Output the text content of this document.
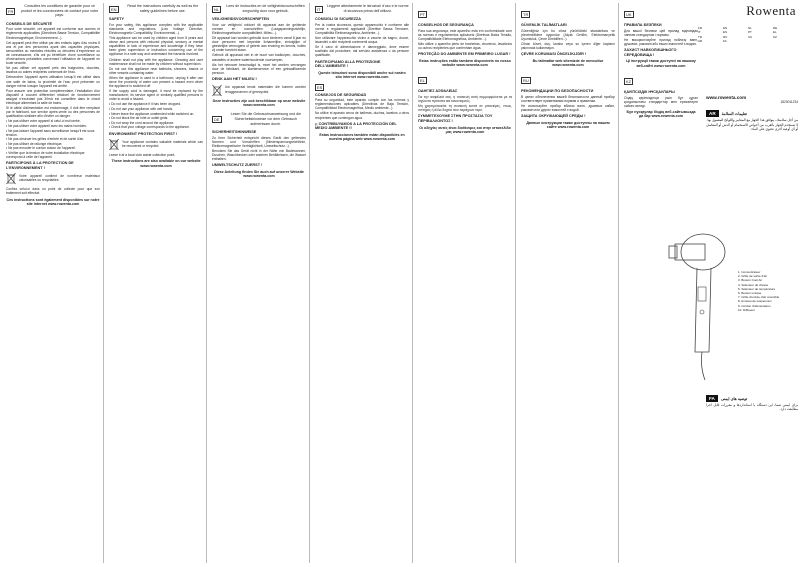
FR
Consultez les conditions de garantie pour ce produit et les coordonnées de contact pour votre pays.
CONSEILS DE SÉCURITÉ
Pour votre sécurité, cet appareil est conforme aux normes et règlements applicables (Directives Basse Tension, Compatibilité Electromagnétique, Environnement...).
Cet appareil peut être utilisé par des enfants âgés d'au moins 8 ans et par des personnes ayant des capacités physiques, sensorielles ou mentales réduites ou dénuées d'expérience ou de connaissance, s'ils ont pu bénéficier d'une surveillance ou d'instructions préalables concernant l'utilisation de l'appareil en toute sécurité.
Ne pas utiliser cet appareil près des baignoires, douches, lavabos ou autres récipients contenant de l'eau.
Débrancher l'appareil après utilisation lorsqu'il est utilisé dans une salle de bains, la proximité de l'eau peut présenter un danger même lorsque l'appareil est arrêté.
Pour assurer une protection complémentaire, l'installation d'un dispositif à courant différentiel résiduel de fonctionnement assigné n'excédant pas 30mA est conseillée dans le circuit électrique alimentant la salle de bains.
Si le câble d'alimentation est endommagé, il doit être remplacé par le fabricant, son service après-vente ou des personnes de qualification similaire afin d'éviter un danger.
• Ne pas utiliser votre appareil si celui-ci est tombé.
• Ne pas utiliser votre appareil avec les mains humides.
• Ne pas laisser l'appareil sans surveillance lorsqu'il est sous tension.
• Ne pas obstruer les grilles d'entrée et de sortie d'air.
• Ne pas utiliser de rallonge électrique.
• Ne pas enrouler le cordon autour de l'appareil.
• Vérifier que la tension de votre installation électrique correspond à celle de l'appareil.
PARTICIPONS À LA PROTECTION DE L'ENVIRONNEMENT !
Votre appareil contient de nombreux matériaux valorisables ou recyclables.
Confiez celui-ci dans un point de collecte pour que son traitement soit effectué.
Ces instructions sont également disponibles sur notre site internet www.rowenta.com
EN
Read the instructions carefully as well as the safety guidelines before use.
SAFETY
For your safety, this appliance complies with the applicable standards and regulations (Low Voltage Directive, Electromagnetic Compatibility, Environmental...).
This appliance can be used by children aged from 8 years and above and persons with reduced physical, sensory or mental capabilities or lack of experience and knowledge if they have been given supervision or instruction concerning use of the appliance in a safe way and understand the hazards involved.
Children shall not play with the appliance. Cleaning and user maintenance shall not be made by children without supervision.
Do not use this appliance near bathtubs, showers, basins or other vessels containing water.
When the appliance is used in a bathroom, unplug it after use since the proximity of water can present a hazard even when the appliance is switched off.
If the supply cord is damaged, it must be replaced by the manufacturer, its service agent or similarly qualified persons in order to avoid a hazard.
• Do not use the appliance if it has been dropped.
• Do not use your appliance with wet hands.
• Never leave the appliance unattended while switched on.
• Do not block the air inlet or outlet grids.
• Do not wrap the cord around the appliance.
• Check that your voltage corresponds to the appliance.
ENVIRONMENT PROTECTION FIRST !
Your appliance contains valuable materials which can be recovered or recycled.
Leave it at a local civic waste collection point.
These instructions are also available on our website www.rowenta.com
NL
Lees de instructies en de veiligheidsvoorschriften zorgvuldig door voor gebruik.
VEILIGHEIDSVOORSCHRIFTEN
Voor uw veiligheid voldoet dit apparaat aan de geldende normen en voorschriften (Laagspanningsrichtlijn, Elektromagnetische compatibiliteit, Milieu...).
Dit apparaat kan worden gebruikt door kinderen vanaf 8 jaar en door personen met beperkte lichamelijke, zintuiglijke of geestelijke vermogens of gebrek aan ervaring en kennis, indien zij onder toezicht staan.
Gebruik dit apparaat niet in de buurt van badkuipen, douches, wastafels of andere waterhoudende voorwerpen.
Als het netsnoer beschadigd is, moet het worden vervangen door de fabrikant, de klantenservice of een gekwalificeerde persoon.
DENK AAN HET MILIEU !
Uw apparaat bevat materialen die kunnen worden teruggewonnen of gerecycled.
Deze instructies zijn ook beschikbaar op onze website www.rowenta.com
DE
Lesen Sie die Gebrauchsanweisung und die Sicherheitshinweise vor dem Gebrauch aufmerksam durch.
SICHERHEITSHINWEISE
Zu Ihrer Sicherheit entspricht dieses Gerät den geltenden Normen und Vorschriften (Niederspannungsrichtlinie, Elektromagnetische Verträglichkeit, Umweltschutz...).
Benutzen Sie das Gerät nicht in der Nähe von Badewannen, Duschen, Waschbecken oder anderen Behältnissen, die Wasser enthalten.
UMWELTSCHUTZ ZUERST !
Diese Anleitung finden Sie auch auf unserer Website www.rowenta.com
IT
Leggere attentamente le istruzioni d'uso e le norme di sicurezza prima dell'utilizzo.
CONSIGLI DI SICUREZZA
Per la vostra sicurezza, questo apparecchio è conforme alle norme e regolamenti applicabili (Direttive Bassa Tensione, Compatibilità Elettromagnetica, Ambiente...).
Non utilizzare l'apparecchio vicino a vasche da bagno, docce, lavandini o altri recipienti contenenti acqua.
Se il cavo di alimentazione è danneggiato, deve essere sostituito dal produttore, dal servizio assistenza o da persone qualificate.
PARTECIPIAMO ALLA PROTEZIONE DELL'AMBIENTE !
Queste istruzioni sono disponibili anche sul nostro sito internet www.rowenta.com
ES
CONSEJOS DE SEGURIDAD
Para su seguridad, este aparato cumple con las normas y reglamentaciones aplicables (Directivas de Baja Tensión, Compatibilidad Electromagnética, Medio ambiente...).
No utilice el aparato cerca de bañeras, duchas, lavabos u otros recipientes que contengan agua.
¡¡ CONTRIBUYAMOS A LA PROTECCIÓN DEL MEDIO AMBIENTE !!
Estas instrucciones también están disponibles en nuestra página web www.rowenta.com
PT
CONSELHOS DE SEGURANÇA
Para sua segurança, este aparelho está em conformidade com as normas e regulamentos aplicáveis (Diretivas Baixa Tensão, Compatibilidade Eletromagnética, Ambiente...).
Não utilize o aparelho perto de banheiras, chuveiros, lavatórios ou outros recipientes que contenham água.
PROTEÇÃO DO AMBIENTE EM PRIMEIRO LUGAR !
Estas instruções estão também disponíveis no nosso website www.rowenta.com
EL
ΟΔΗΓΙΕΣ ΑΣΦΑΛΕΙΑΣ
Για την ασφάλειά σας, η συσκευή αυτή συμμορφώνεται με τα ισχύοντα πρότυπα και κανονισμούς.
Μη χρησιμοποιείτε τη συσκευή κοντά σε μπανιέρες, ντους, νιπτήρες ή άλλα δοχεία που περιέχουν νερό.
ΣΥΜΜΕΤΕΧΟΥΜΕ ΣΤΗΝ ΠΡΟΣΤΑΣΙΑ ΤΟΥ ΠΕΡΙΒΑΛΛΟΝΤΟΣ !
Οι οδηγίες αυτές είναι διαθέσιμες και στην ιστοσελίδα μας www.rowenta.com
TR
GÜVENLİK TALİMATLARI
Güvenliğiniz için bu cihaz yürürlükteki standartlara ve yönetmeliklere uygundur (Alçak Gerilim, Elektromanyetik Uyumluluk, Çevre Direktifleri...).
Cihazı küvet, duş, lavabo veya su içeren diğer kapların yakınında kullanmayın.
ÇEVRE KORUMASI ÖNCELİKLİDİR !
Bu talimatlar web sitemizde de mevcuttur www.rowenta.com
RU
РЕКОМЕНДАЦИИ ПО БЕЗОПАСНОСТИ
В целях обеспечения вашей безопасности данный прибор соответствует применимым нормам и правилам.
Не используйте прибор вблизи ванн, душевых кабин, раковин или других емкостей с водой.
ЗАЩИТА ОКРУЖАЮЩЕЙ СРЕДЫ !
Данные инструкции также доступны на нашем сайте www.rowenta.com
UK
ПРАВИЛА БЕЗПЕКИ
Для вашої безпеки цей прилад відповідає чинним стандартам і нормам.
Не використовуйте прилад поблизу ванн, душових, раковин або інших ємностей з водою.
ЗАХИСТ НАВКОЛИШНЬОГО СЕРЕДОВИЩА !
Ці інструкції також доступні на нашому веб-сайті www.rowenta.com
KZ
ҚАУІПСІЗДІК НҰСҚАУЛАРЫ
Сіздің қауіпсіздігіңіз үшін бұл құрал қолданыстағы стандарттар мен ережелерге сәйкес келеді.
Бұл нұсқаулар біздің веб-сайтымызда да бар www.rowenta.com
Rowenta
FR	EN	NL	DE
IT	ES	PT	EL
TR	RU	UK	KZ
AR	FA
www.rowenta.com
1820011234
AR	تعليمات السلامة
من أجل سلامتك، يتوافق هذا الجهاز مع المعايير واللوائح المعمول بها.
لا تستخدم الجهاز بالقرب من أحواض الاستحمام أو الدش أو المغاسل أو أي أوعية أخرى تحتوي على الماء.
1. Concentrateur
2. Grille de sortie d'air
3. Bouton Cool Air
4. Sélecteur de vitesse
5. Sélecteur de température
6. Bouton ionique
7. Grille d'entrée d'air amovible
8. Anneau de suspension
9. Cordon d'alimentation
10. Diffuseur
FA	توصیه های ایمنی
برای ایمنی شما، این دستگاه با استانداردها و مقررات قابل اجرا مطابقت دارد.
